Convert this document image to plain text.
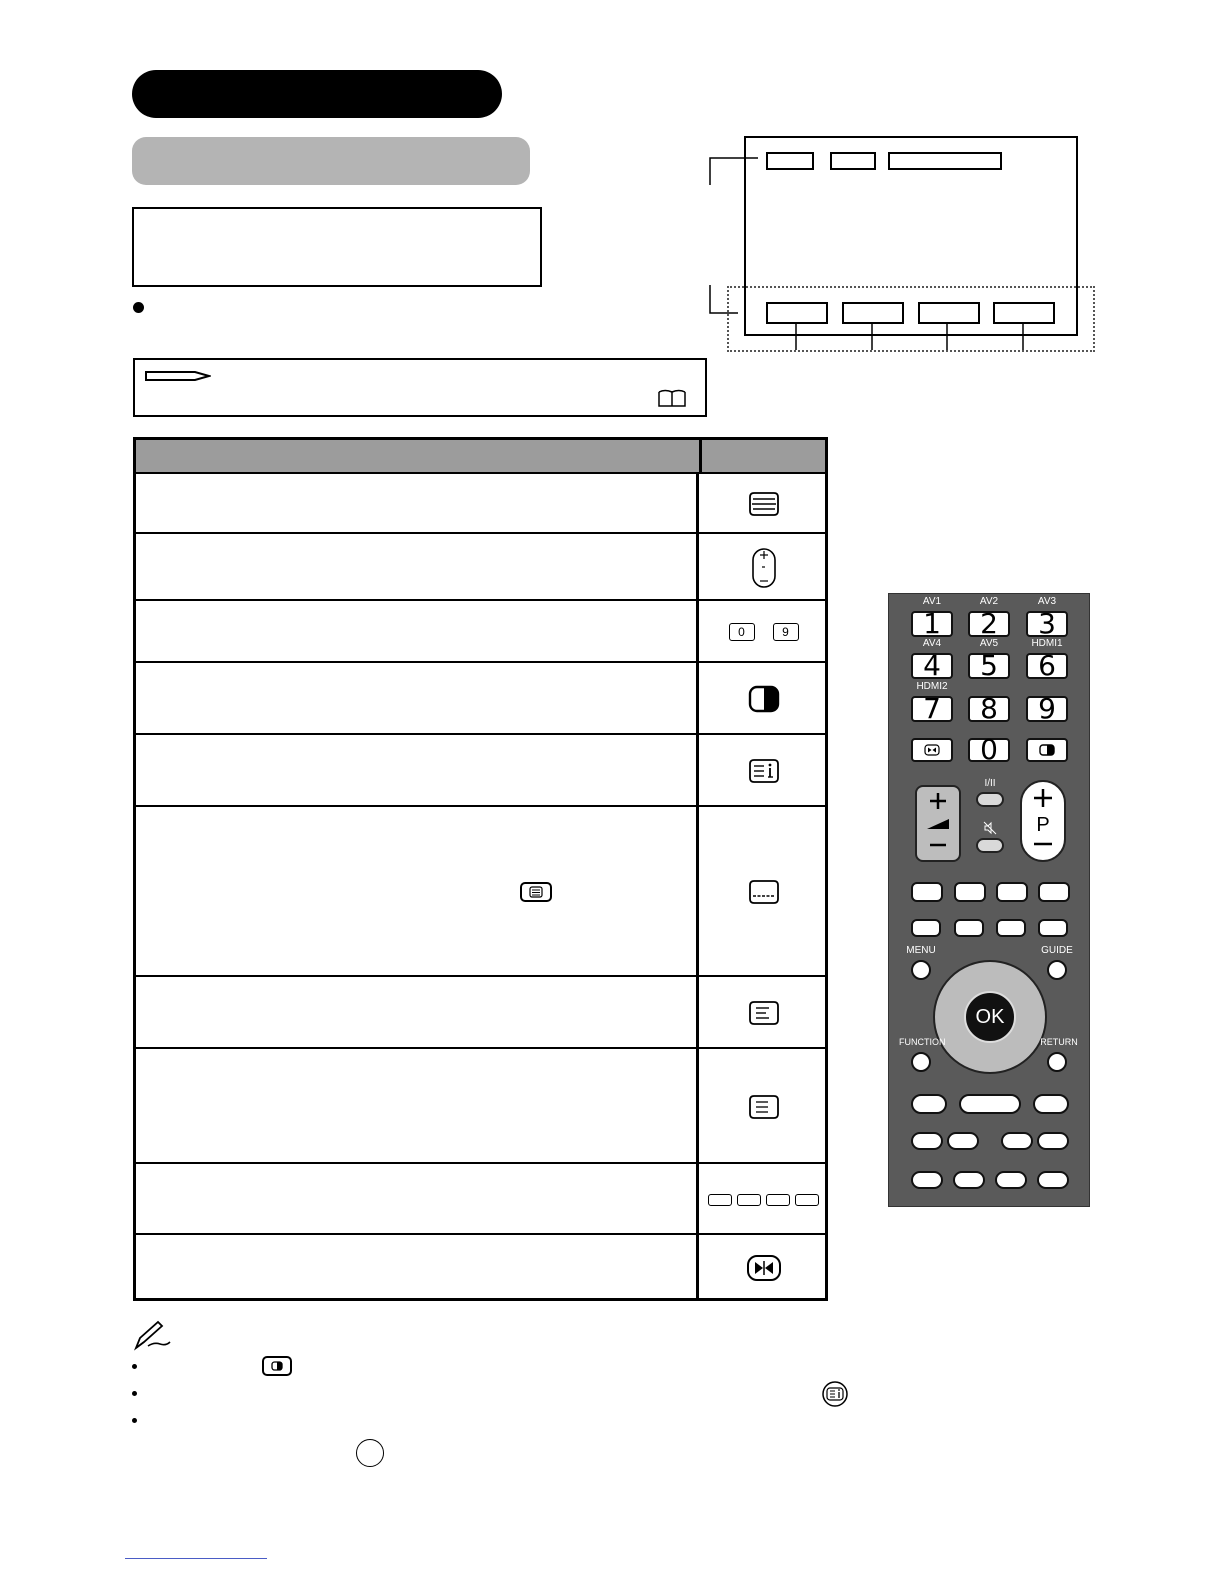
0	9
0
I/II
P
MENU	GUIDE
OK
FUNCTION	RETURN
AV1
1
AV2
2
AV3
3
AV4
4
AV5
5
HDMI1
6
HDMI2
7 8 9
